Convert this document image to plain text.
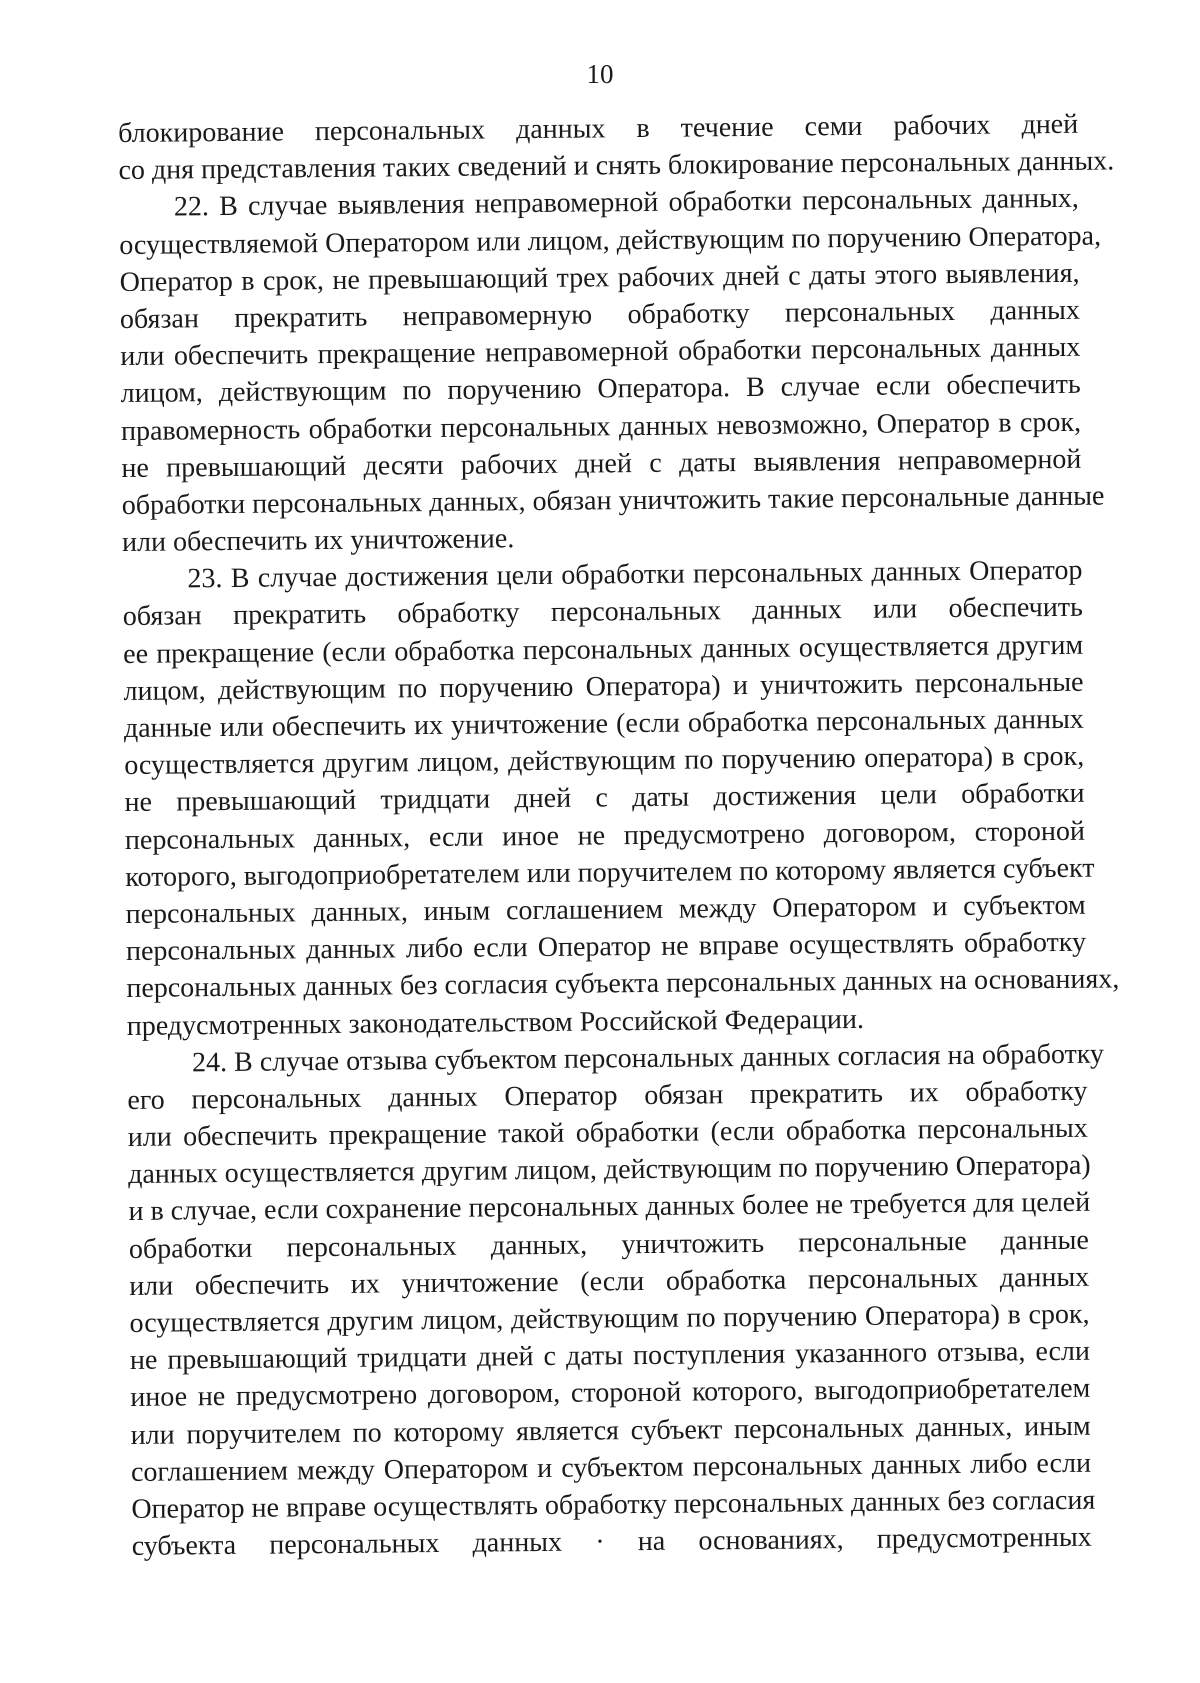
10
блокирование персональных данных в течение семи рабочих дней
со дня представления таких сведений и снять блокирование персональных данных.
22. В случае выявления неправомерной обработки персональных данных,
осуществляемой Оператором или лицом, действующим по поручению Оператора,
Оператор в срок, не превышающий трех рабочих дней с даты этого выявления,
обязан прекратить неправомерную обработку персональных данных
или обеспечить прекращение неправомерной обработки персональных данных
лицом, действующим по поручению Оператора. В случае если обеспечить
правомерность обработки персональных данных невозможно, Оператор в срок,
не превышающий десяти рабочих дней с даты выявления неправомерной
обработки персональных данных, обязан уничтожить такие персональные данные
или обеспечить их уничтожение.
23. В случае достижения цели обработки персональных данных Оператор
обязан прекратить обработку персональных данных или обеспечить
ее прекращение (если обработка персональных данных осуществляется другим
лицом, действующим по поручению Оператора) и уничтожить персональные
данные или обеспечить их уничтожение (если обработка персональных данных
осуществляется другим лицом, действующим по поручению оператора) в срок,
не превышающий тридцати дней с даты достижения цели обработки
персональных данных, если иное не предусмотрено договором, стороной
которого, выгодоприобретателем или поручителем по которому является субъект
персональных данных, иным соглашением между Оператором и субъектом
персональных данных либо если Оператор не вправе осуществлять обработку
персональных данных без согласия субъекта персональных данных на основаниях,
предусмотренных законодательством Российской Федерации.
24. В случае отзыва субъектом персональных данных согласия на обработку
его персональных данных Оператор обязан прекратить их обработку
или обеспечить прекращение такой обработки (если обработка персональных
данных осуществляется другим лицом, действующим по поручению Оператора)
и в случае, если сохранение персональных данных более не требуется для целей
обработки персональных данных, уничтожить персональные данные
или обеспечить их уничтожение (если обработка персональных данных
осуществляется другим лицом, действующим по поручению Оператора) в срок,
не превышающий тридцати дней с даты поступления указанного отзыва, если
иное не предусмотрено договором, стороной которого, выгодоприобретателем
или поручителем по которому является субъект персональных данных, иным
соглашением между Оператором и субъектом персональных данных либо если
Оператор не вправе осуществлять обработку персональных данных без согласия
субъекта персональных данных · на основаниях, предусмотренных
